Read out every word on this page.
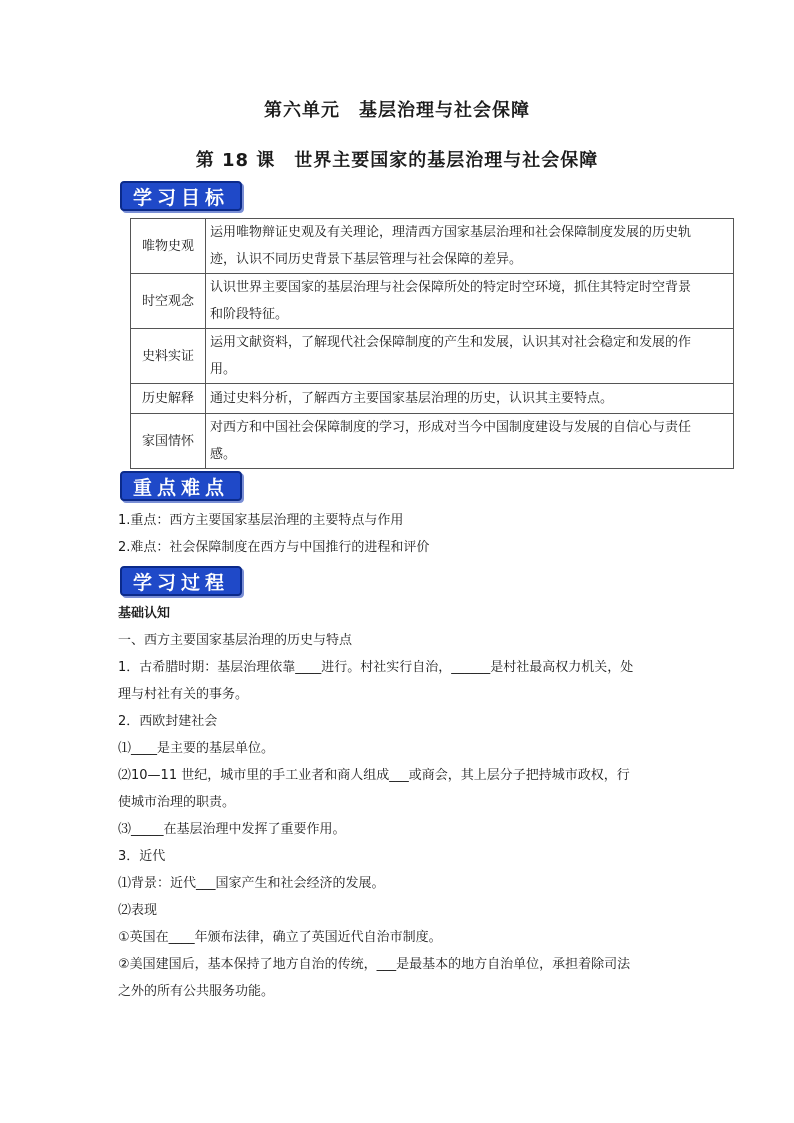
第六单元　基层治理与社会保障
第 18 课　世界主要国家的基层治理与社会保障
学习目标
唯物史观	运用唯物辩证史观及有关理论，理清西方国家基层治理和社会保障制度发展的历史轨
迹，认识不同历史背景下基层管理与社会保障的差异。

时空观念	认识世界主要国家的基层治理与社会保障所处的特定时空环境，抓住其特定时空背景
和阶段特征。

史料实证	运用文献资料，了解现代社会保障制度的产生和发展，认识其对社会稳定和发展的作
用。

历史解释	通过史料分析，了解西方主要国家基层治理的历史，认识其主要特点。

家国情怀	对西方和中国社会保障制度的学习，形成对当今中国制度建设与发展的自信心与责任
感。
重点难点
1.重点：西方主要国家基层治理的主要特点与作用
2.难点：社会保障制度在西方与中国推行的进程和评价
学习过程
基础认知
一、西方主要国家基层治理的历史与特点
1．古希腊时期：基层治理依靠____进行。村社实行自治，______是村社最高权力机关，处
理与村社有关的事务。
2．西欧封建社会
⑴____是主要的基层单位。
⑵10—11 世纪，城市里的手工业者和商人组成___或商会，其上层分子把持城市政权，行
使城市治理的职责。
⑶_____在基层治理中发挥了重要作用。
3．近代
⑴背景：近代___国家产生和社会经济的发展。
⑵表现
①英国在____年颁布法律，确立了英国近代自治市制度。
②美国建国后，基本保持了地方自治的传统，___是最基本的地方自治单位，承担着除司法
之外的所有公共服务功能。
